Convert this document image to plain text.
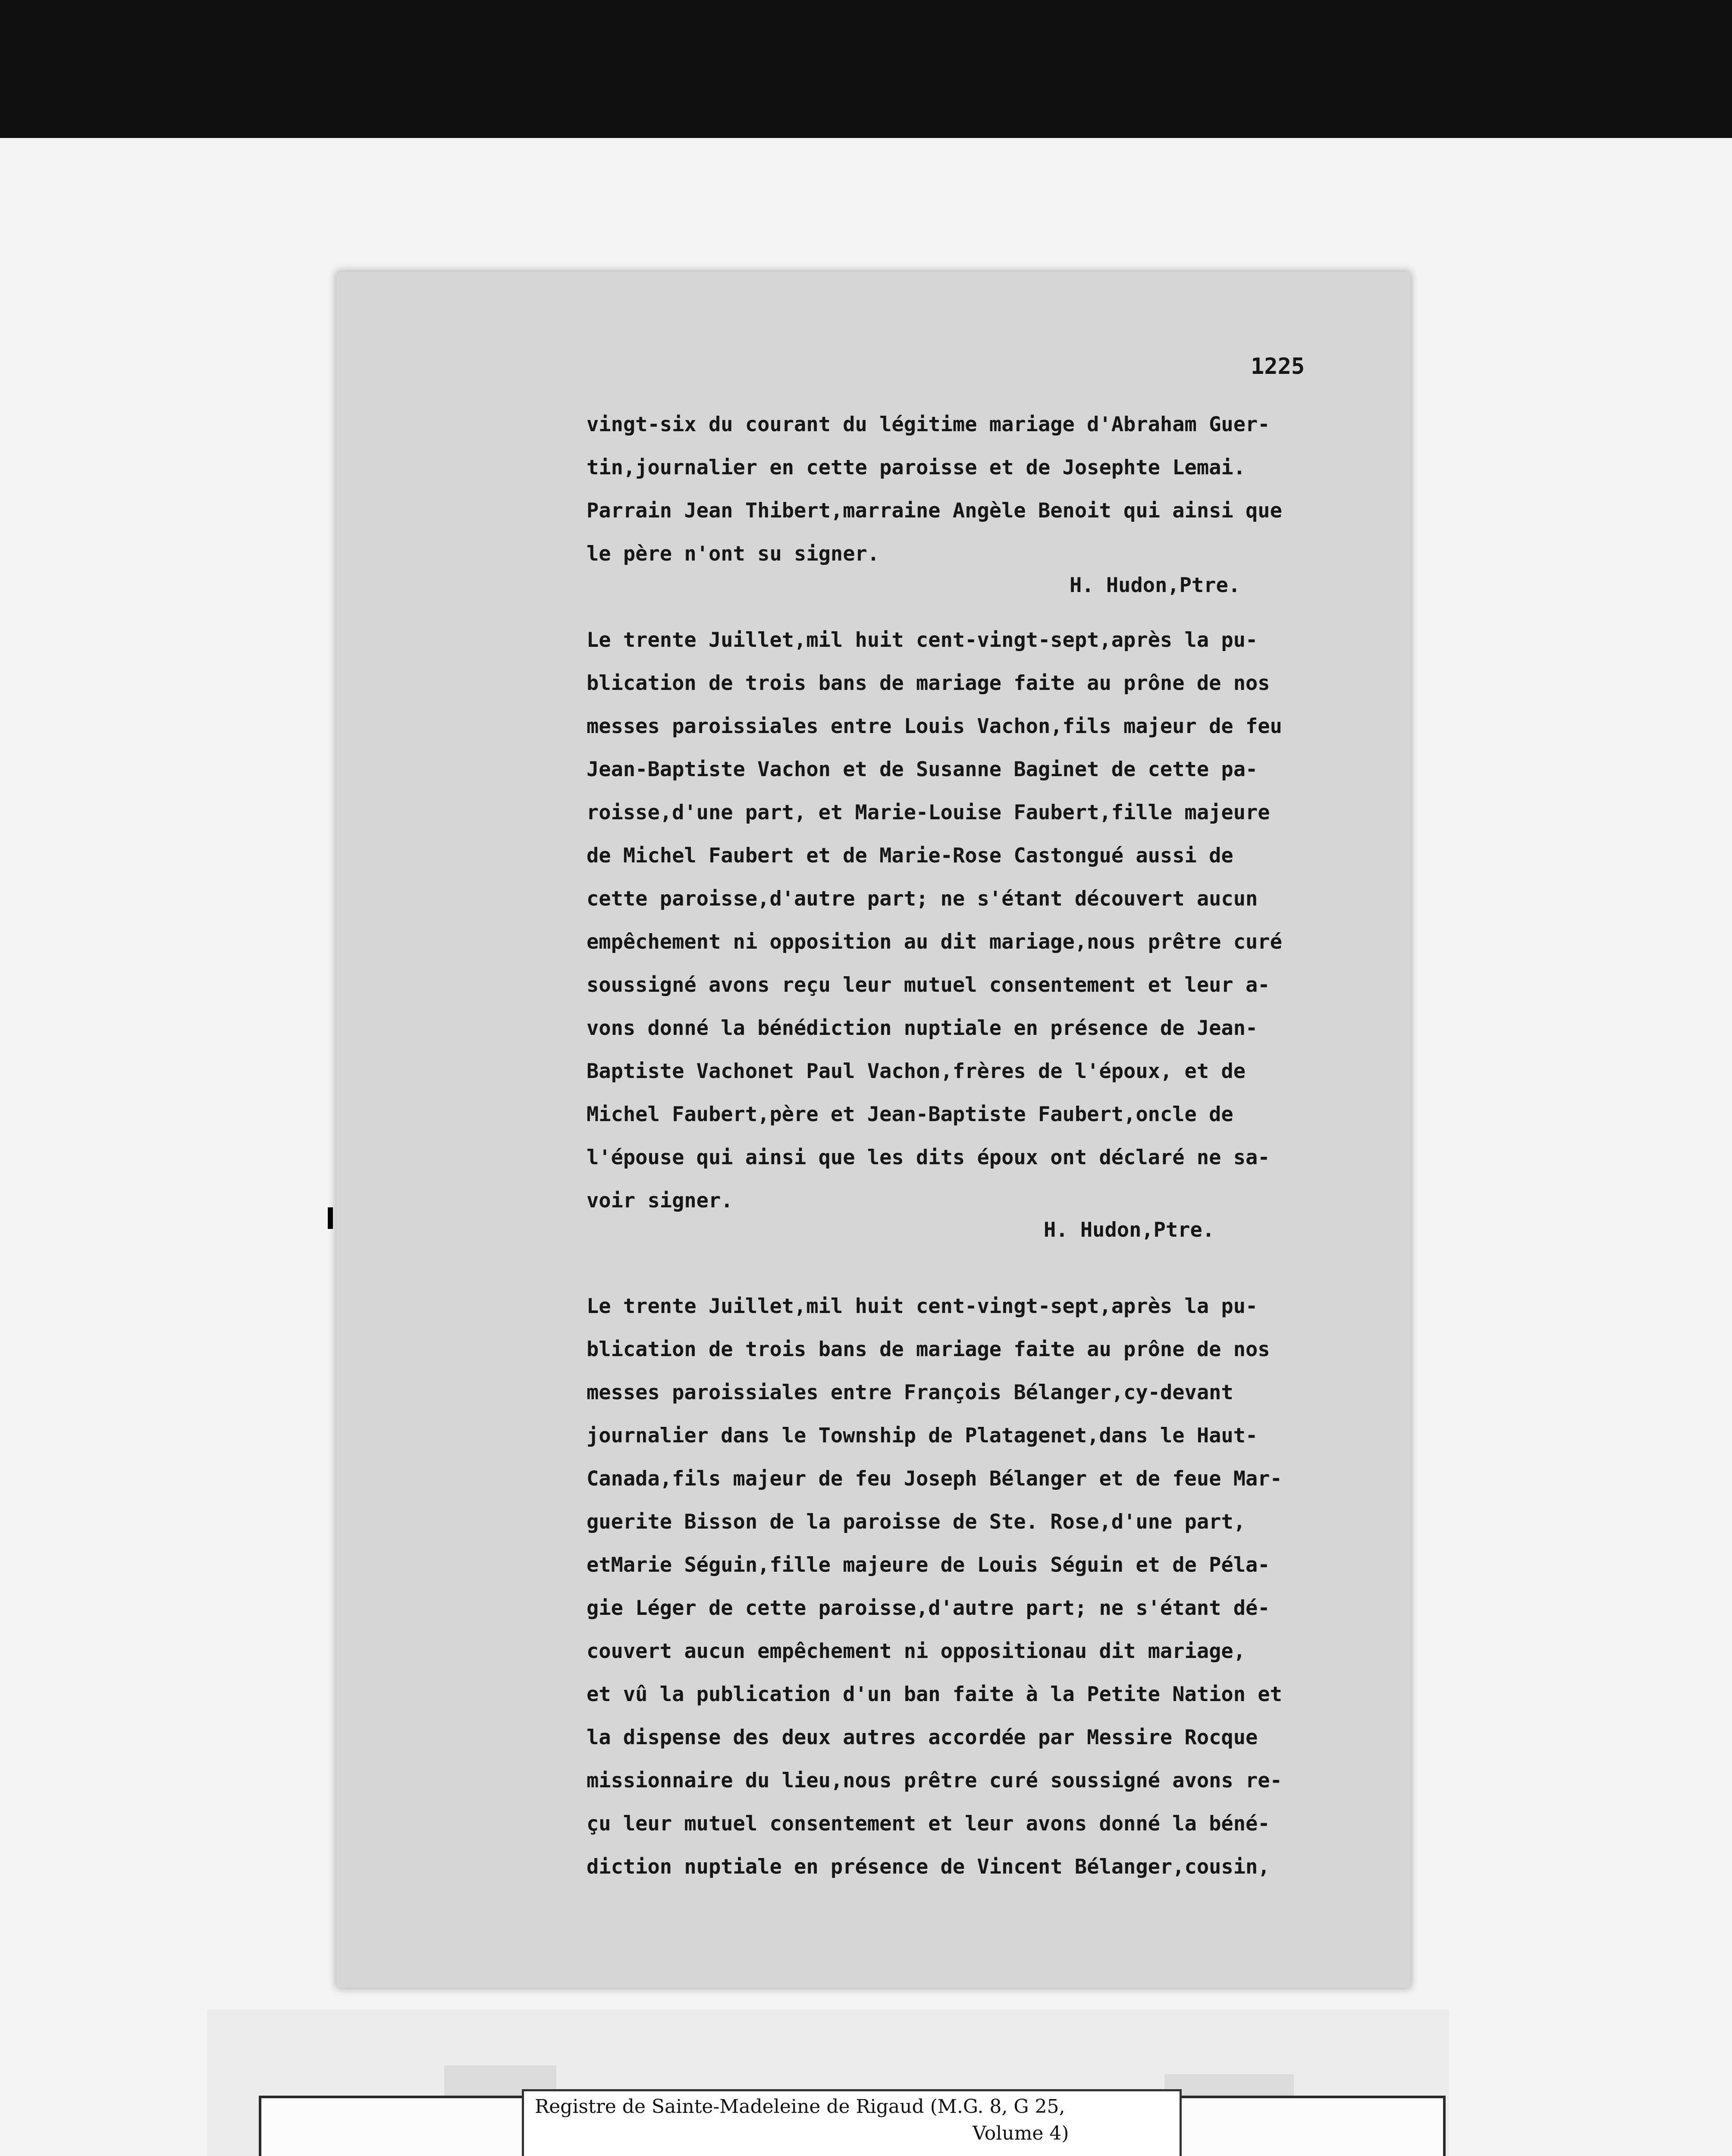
1225
vingt-six du courant du légitime mariage d'Abraham Guer-
tin,journalier en cette paroisse et de Josephte Lemai.
Parrain Jean Thibert,marraine Angèle Benoit qui ainsi que
le père n'ont su signer.
H. Hudon,Ptre.
Le trente Juillet,mil huit cent-vingt-sept,après la pu-
blication de trois bans de mariage faite au prône de nos
messes paroissiales entre Louis Vachon,fils majeur de feu
Jean-Baptiste Vachon et de Susanne Baginet de cette pa-
roisse,d'une part, et Marie-Louise Faubert,fille majeure
de Michel Faubert et de Marie-Rose Castongué aussi de
cette paroisse,d'autre part; ne s'étant découvert aucun
empêchement ni opposition au dit mariage,nous prêtre curé
soussigné avons reçu leur mutuel consentement et leur a-
vons donné la bénédiction nuptiale en présence de Jean-
Baptiste Vachonet Paul Vachon,frères de l'époux, et de
Michel Faubert,père et Jean-Baptiste Faubert,oncle de
l'épouse qui ainsi que les dits époux ont déclaré ne sa-
voir signer.
H. Hudon,Ptre.
Le trente Juillet,mil huit cent-vingt-sept,après la pu-
blication de trois bans de mariage faite au prône de nos
messes paroissiales entre François Bélanger,cy-devant
journalier dans le Township de Platagenet,dans le Haut-
Canada,fils majeur de feu Joseph Bélanger et de feue Mar-
guerite Bisson de la paroisse de Ste. Rose,d'une part,
etMarie Séguin,fille majeure de Louis Séguin et de Péla-
gie Léger de cette paroisse,d'autre part; ne s'étant dé-
couvert aucun empêchement ni oppositionau dit mariage,
et vû la publication d'un ban faite à la Petite Nation et
la dispense des deux autres accordée par Messire Rocque
missionnaire du lieu,nous prêtre curé soussigné avons re-
çu leur mutuel consentement et leur avons donné la béné-
diction nuptiale en présence de Vincent Bélanger,cousin,
Registre de Sainte-Madeleine de Rigaud (M.G. 8, G 25,
Volume 4)
